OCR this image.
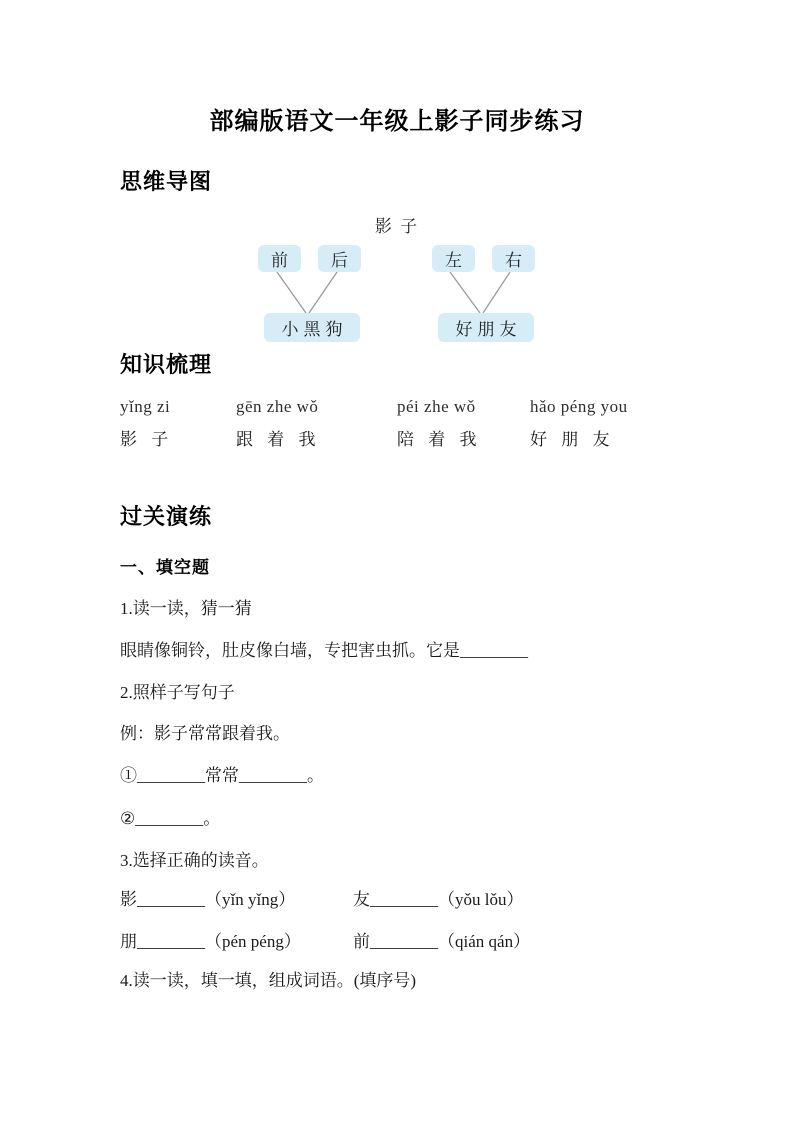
部编版语文一年级上影子同步练习
思维导图
影 子
前	后	左	右
小黑狗	好朋友
知识梳理
yǐng zi
影 子
gēn zhe wǒ
跟 着 我
péi zhe wǒ
陪 着 我
hǎo péng you
好 朋 友
过关演练
一、填空题

1.读一读，猜一猜

眼睛像铜铃，肚皮像白墙，专把害虫抓。它是________

2.照样子写句子

例：影子常常跟着我。

①________常常________。

②________。

3.选择正确的读音。

影________（yǐn yǐng）	友________（yǒu lǒu）

朋________（pén péng）	前________（qián qán）

4.读一读，填一填，组成词语。(填序号)
